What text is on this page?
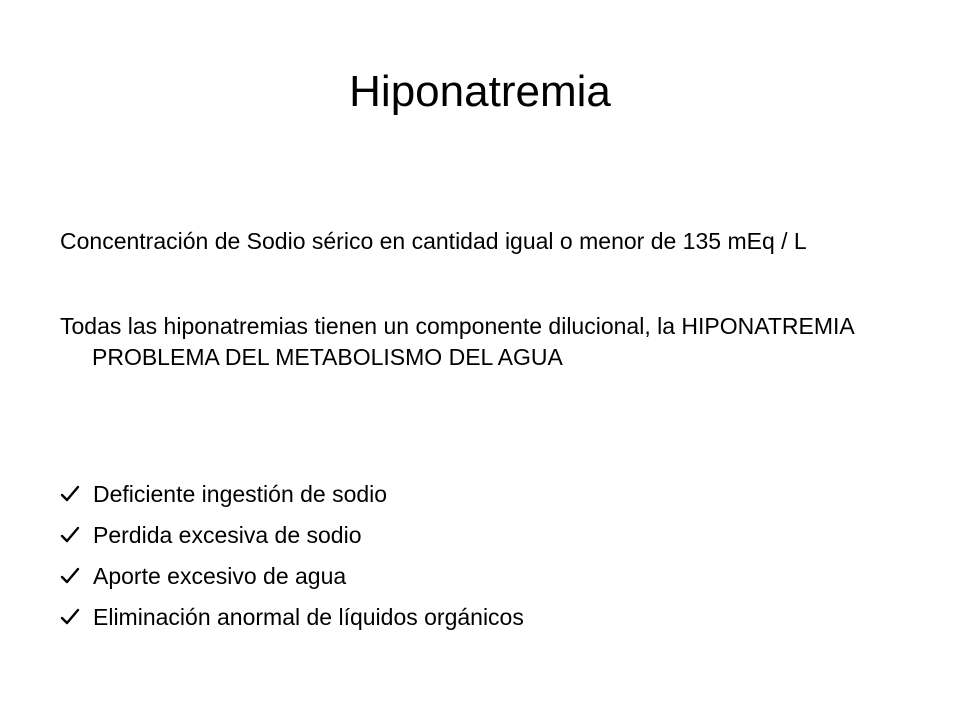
Hiponatremia

Concentración de Sodio sérico en cantidad igual o menor de 135 mEq / L

Todas las hiponatremias tienen un componente dilucional, la HIPONATREMIA PROBLEMA DEL METABOLISMO DEL AGUA

Deficiente ingestión de sodio
Perdida excesiva de sodio
Aporte excesivo de agua
Eliminación anormal de líquidos orgánicos
